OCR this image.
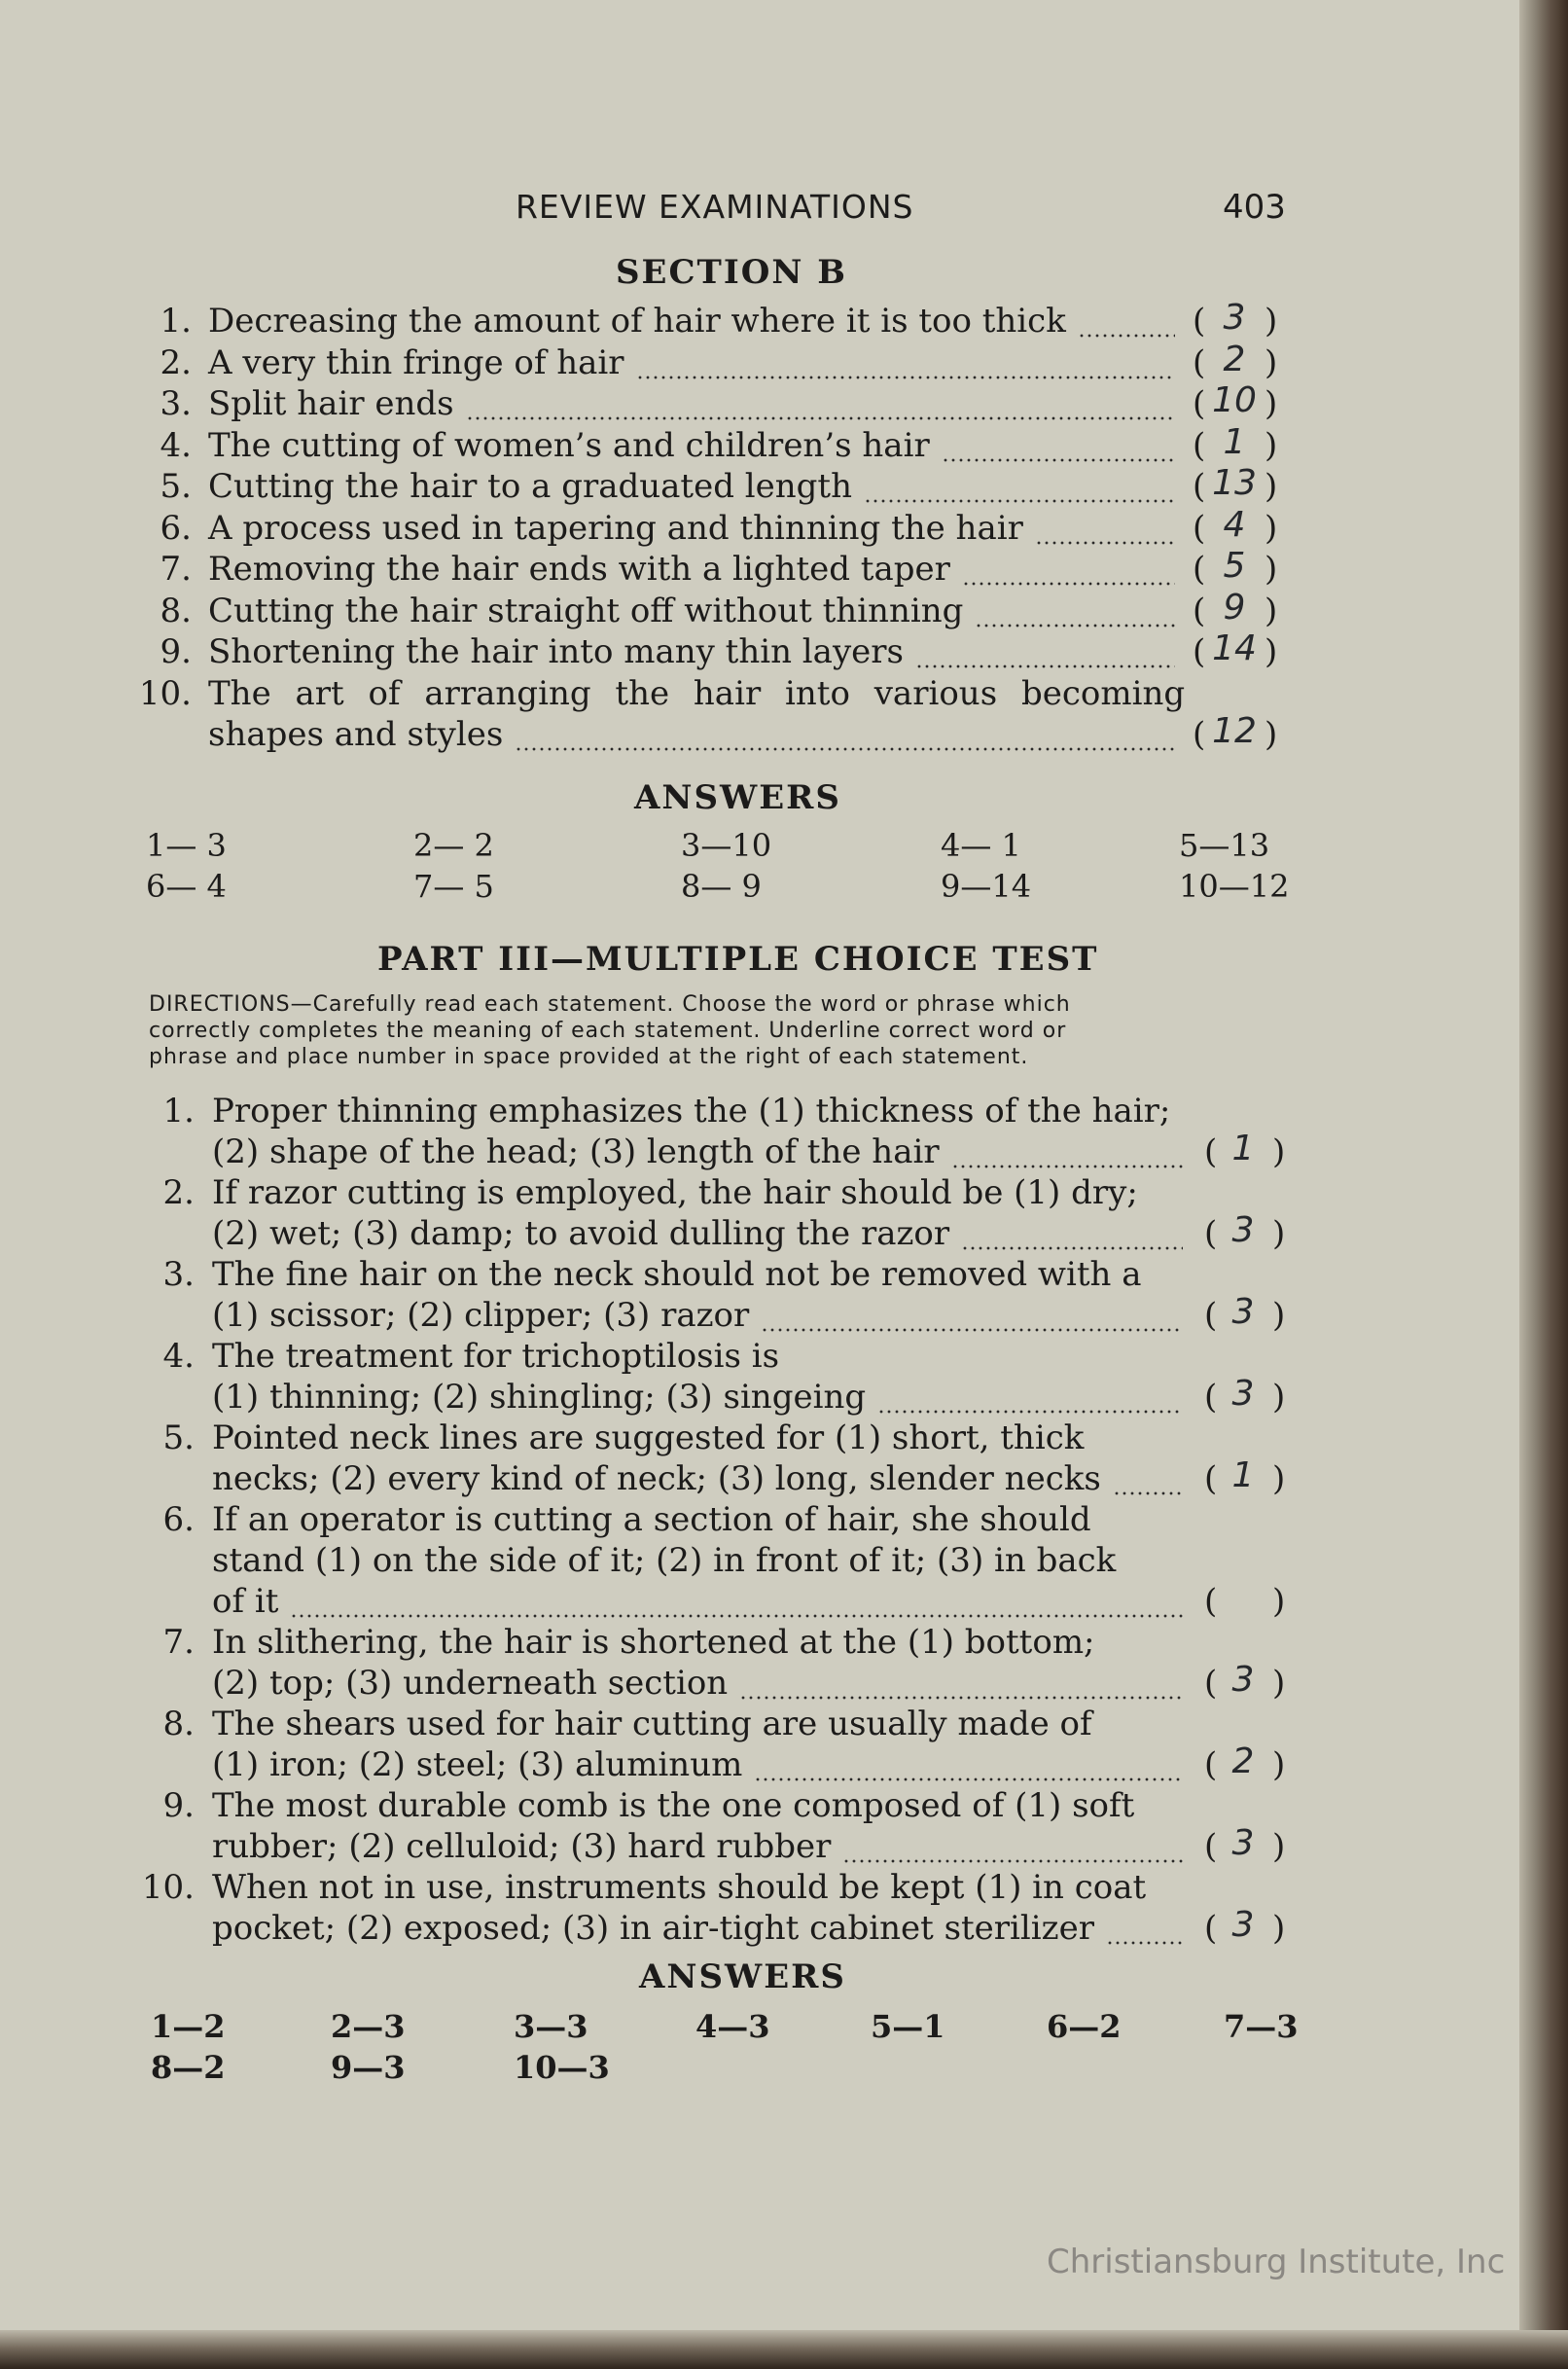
REVIEW EXAMINATIONS	403
SECTION B
1. Decreasing the amount of hair where it is too thick	( )
3
2. A very thin fringe of hair	( )
2
3. Split hair ends	( )
10
4. The cutting of women’s and children’s hair	( )
1
5. Cutting the hair to a graduated length	( )
13
6. A process used in tapering and thinning the hair	( )
4
7. Removing the hair ends with a lighted taper	( )
5
8. Cutting the hair straight off without thinning	( )
9
9. Shortening the hair into many thin layers	( )
14
10. The art of arranging the hair into various becoming
shapes and styles	( )
12
ANSWERS
1— 3	2— 2	3—10	4— 1	5—13
6— 4	7— 5	8— 9	9—14	10—12
PART III—MULTIPLE CHOICE TEST
DIRECTIONS—Carefully read each statement. Choose the word or phrase which
correctly completes the meaning of each statement. Underline correct word or
phrase and place number in space provided at the right of each statement.
1. Proper thinning emphasizes the (1) thickness of the hair;
(2) shape of the head; (3) length of the hair	( )
1
2. If razor cutting is employed, the hair should be (1) dry;
(2) wet; (3) damp; to avoid dulling the razor	( )
3
3. The fine hair on the neck should not be removed with a
(1) scissor; (2) clipper; (3) razor	( )
3
4. The treatment for trichoptilosis is
(1) thinning; (2) shingling; (3) singeing	( )
3
5. Pointed neck lines are suggested for (1) short, thick
necks; (2) every kind of neck; (3) long, slender necks	( )
1
6. If an operator is cutting a section of hair, she should
stand (1) on the side of it; (2) in front of it; (3) in back
of it	( )
7. In slithering, the hair is shortened at the (1) bottom;
(2) top; (3) underneath section	( )
3
8. The shears used for hair cutting are usually made of
(1) iron; (2) steel; (3) aluminum	( )
2
9. The most durable comb is the one composed of (1) soft
rubber; (2) celluloid; (3) hard rubber	( )
3
10. When not in use, instruments should be kept (1) in coat
pocket; (2) exposed; (3) in air-tight cabinet sterilizer	( )
3
ANSWERS
1—2	2—3	3—3	4—3	5—1	6—2	7—3
8—2	9—3	10—3
Christiansburg Institute, Inc
